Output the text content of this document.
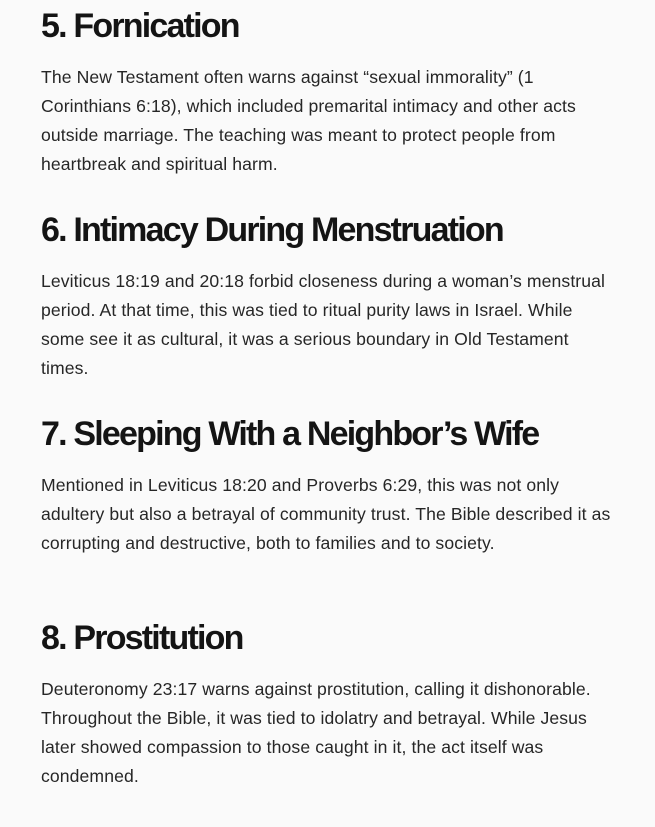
5. Fornication

The New Testament often warns against “sexual immorality” (1 Corinthians 6:18), which included premarital intimacy and other acts outside marriage. The teaching was meant to protect people from heartbreak and spiritual harm.

6. Intimacy During Menstruation

Leviticus 18:19 and 20:18 forbid closeness during a woman’s menstrual period. At that time, this was tied to ritual purity laws in Israel. While some see it as cultural, it was a serious boundary in Old Testament times.

7. Sleeping With a Neighbor’s Wife

Mentioned in Leviticus 18:20 and Proverbs 6:29, this was not only adultery but also a betrayal of community trust. The Bible described it as corrupting and destructive, both to families and to society.

8. Prostitution

Deuteronomy 23:17 warns against prostitution, calling it dishonorable. Throughout the Bible, it was tied to idolatry and betrayal. While Jesus later showed compassion to those caught in it, the act itself was condemned.
